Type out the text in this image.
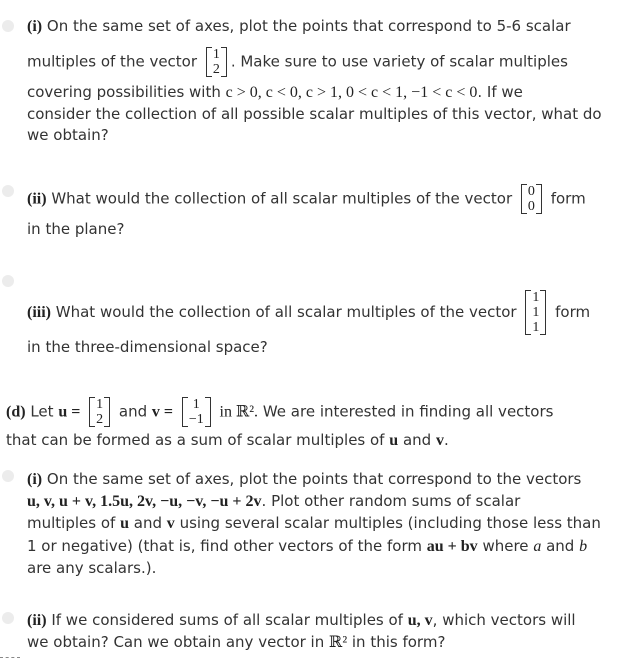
(i) On the same set of axes, plot the points that correspond to 5-6 scalar
multiples of the vector 1
2 . Make sure to use variety of scalar multiples
covering possibilities with c > 0, c < 0, c > 1, 0 < c < 1, −1 < c < 0. If we
consider the collection of all possible scalar multiples of this vector, what do
we obtain?
(ii) What would the collection of all scalar multiples of the vector 0
0 form
in the plane?
(iii) What would the collection of all scalar multiples of the vector
1
1
1
form
in the three-dimensional space?
(d) Let u = 1
2 and v = 1
−1 in ℝ². We are interested in finding all vectors
that can be formed as a sum of scalar multiples of u and v.
(i) On the same set of axes, plot the points that correspond to the vectors
u, v, u + v, 1.5u, 2v, −u, −v, −u + 2v. Plot other random sums of scalar
multiples of u and v using several scalar multiples (including those less than
1 or negative) (that is, find other vectors of the form au + bv where a and b
are any scalars.).
(ii) If we considered sums of all scalar multiples of u, v, which vectors will
we obtain? Can we obtain any vector in ℝ² in this form?
